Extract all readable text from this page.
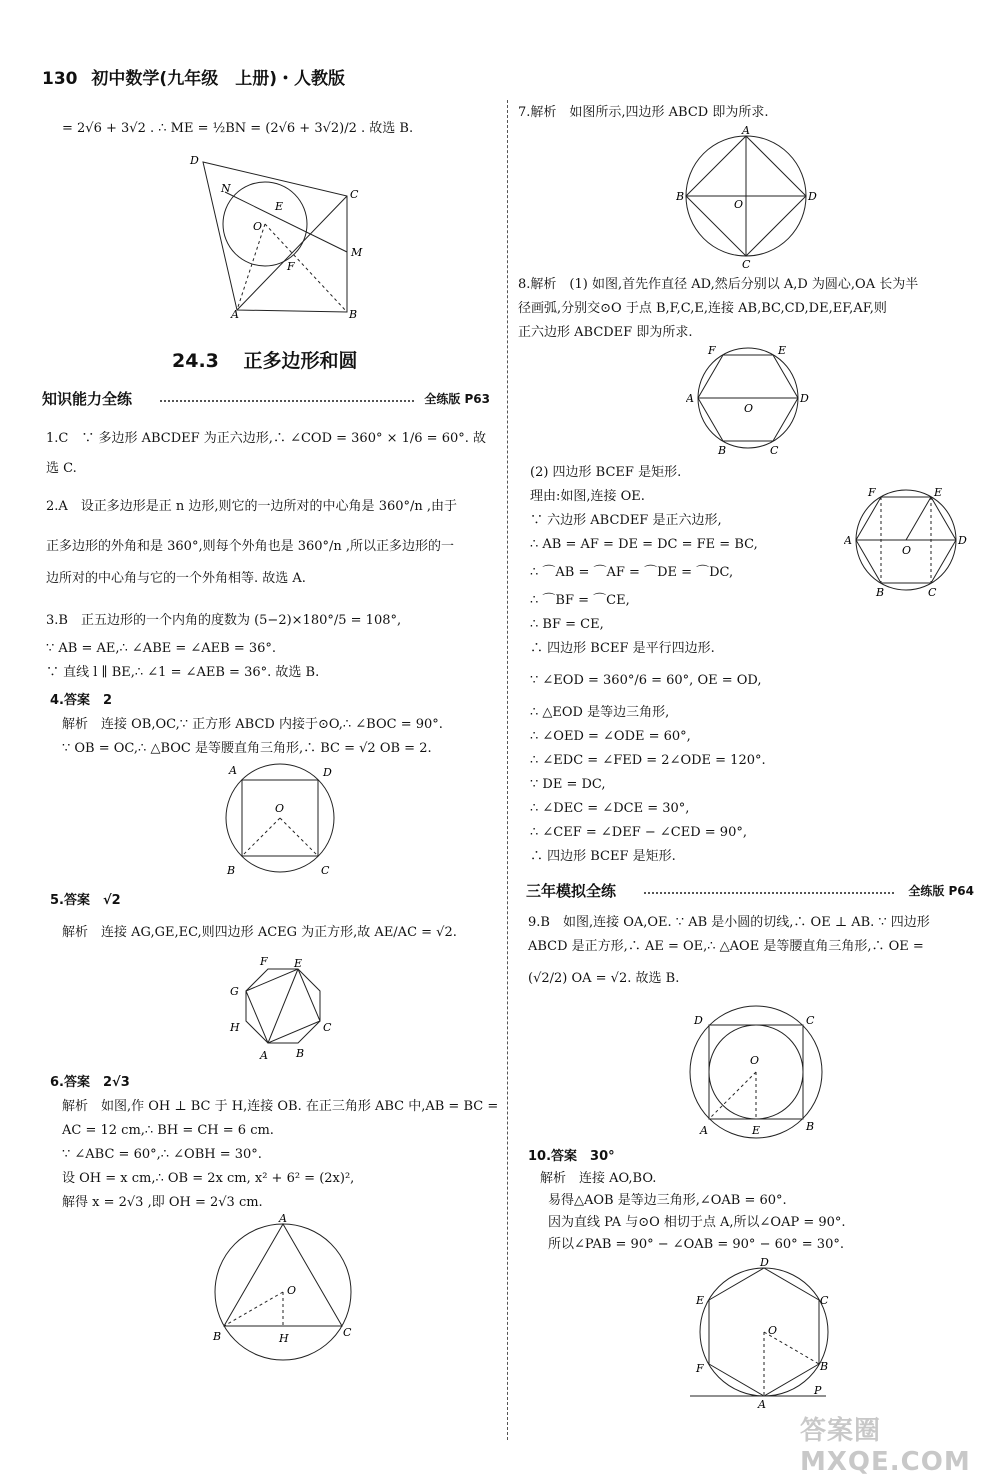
130 初中数学(九年级　上册)・人教版
= 2√6 + 3√2 . ∴ ME = ½BN = (2√6 + 3√2)/2 . 故选 B.
D
N
E
C
O
F
M
A	B
24.3 正多边形和圆
知识能力全练	全练版 P63
1.C　∵ 多边形 ABCDEF 为正六边形,∴ ∠COD = 360° × 1/6 = 60°. 故
选 C.
2.A　设正多边形是正 n 边形,则它的一边所对的中心角是 360°/n ,由于
正多边形的外角和是 360°,则每个外角也是 360°/n ,所以正多边形的一
边所对的中心角与它的一个外角相等. 故选 A.
3.B　正五边形的一个内角的度数为 (5−2)×180°/5 = 108°,
∵ AB = AE,∴ ∠ABE = ∠AEB = 36°.
∵ 直线 l ∥ BE,∴ ∠1 = ∠AEB = 36°. 故选 B.
4.答案　2
解析　连接 OB,OC,∵ 正方形 ABCD 内接于⊙O,∴ ∠BOC = 90°.
∵ OB = OC,∴ △BOC 是等腰直角三角形,∴ BC = √2 OB = 2.
A	D
O
B	C
5.答案　√2
解析　连接 AG,GE,EC,则四边形 ACEG 为正方形,故 AE/AC = √2.
F E
G
H	C
A	B
6.答案　2√3
解析　如图,作 OH ⊥ BC 于 H,连接 OB. 在正三角形 ABC 中,AB = BC =
AC = 12 cm,∴ BH = CH = 6 cm.
∵ ∠ABC = 60°,∴ ∠OBH = 30°.
设 OH = x cm,∴ OB = 2x cm, x² + 6² = (2x)²,
解得 x = 2√3 ,即 OH = 2√3 cm.
A
O
B	H	C
7.解析　如图所示,四边形 ABCD 即为所求.
A
B
O
D
C
8.解析　(1) 如图,首先作直径 AD,然后分别以 A,D 为圆心,OA 长为半
径画弧,分别交⊙O 于点 B,F,C,E,连接 AB,BC,CD,DE,EF,AF,则
正六边形 ABCDEF 即为所求.
F	E
A
O
D
B	C
(2) 四边形 BCEF 是矩形.
理由:如图,连接 OE.
∵ 六边形 ABCDEF 是正六边形,
∴ AB = AF = DE = DC = FE = BC,
∴ ⌒AB = ⌒AF = ⌒DE = ⌒DC,
∴ ⌒BF = ⌒CE,
∴ BF = CE,
∴ 四边形 BCEF 是平行四边形.
∵ ∠EOD = 360°/6 = 60°, OE = OD,
∴ △EOD 是等边三角形,
∴ ∠OED = ∠ODE = 60°,
∴ ∠EDC = ∠FED = 2∠ODE = 120°.
∵ DE = DC,
∴ ∠DEC = ∠DCE = 30°,
∴ ∠CEF = ∠DEF − ∠CED = 90°,
∴ 四边形 BCEF 是矩形.
F	E
A
O
D
B	C
三年模拟全练	全练版 P64
9.B　如图,连接 OA,OE. ∵ AB 是小圆的切线,∴ OE ⊥ AB. ∵ 四边形
ABCD 是正方形,∴ AE = OE,∴ △AOE 是等腰直角三角形,∴ OE =
(√2/2) OA = √2. 故选 B.
D	C
O
A	E	B
10.答案　30°
解析　连接 AO,BO.
易得△AOB 是等边三角形,∠OAB = 60°.
因为直线 PA 与⊙O 相切于点 A,所以∠OAP = 90°.
所以∠PAB = 90° − ∠OAB = 90° − 60° = 30°.
D
E	C
O
F	B
A
P
答案圈 MXQE.COM
